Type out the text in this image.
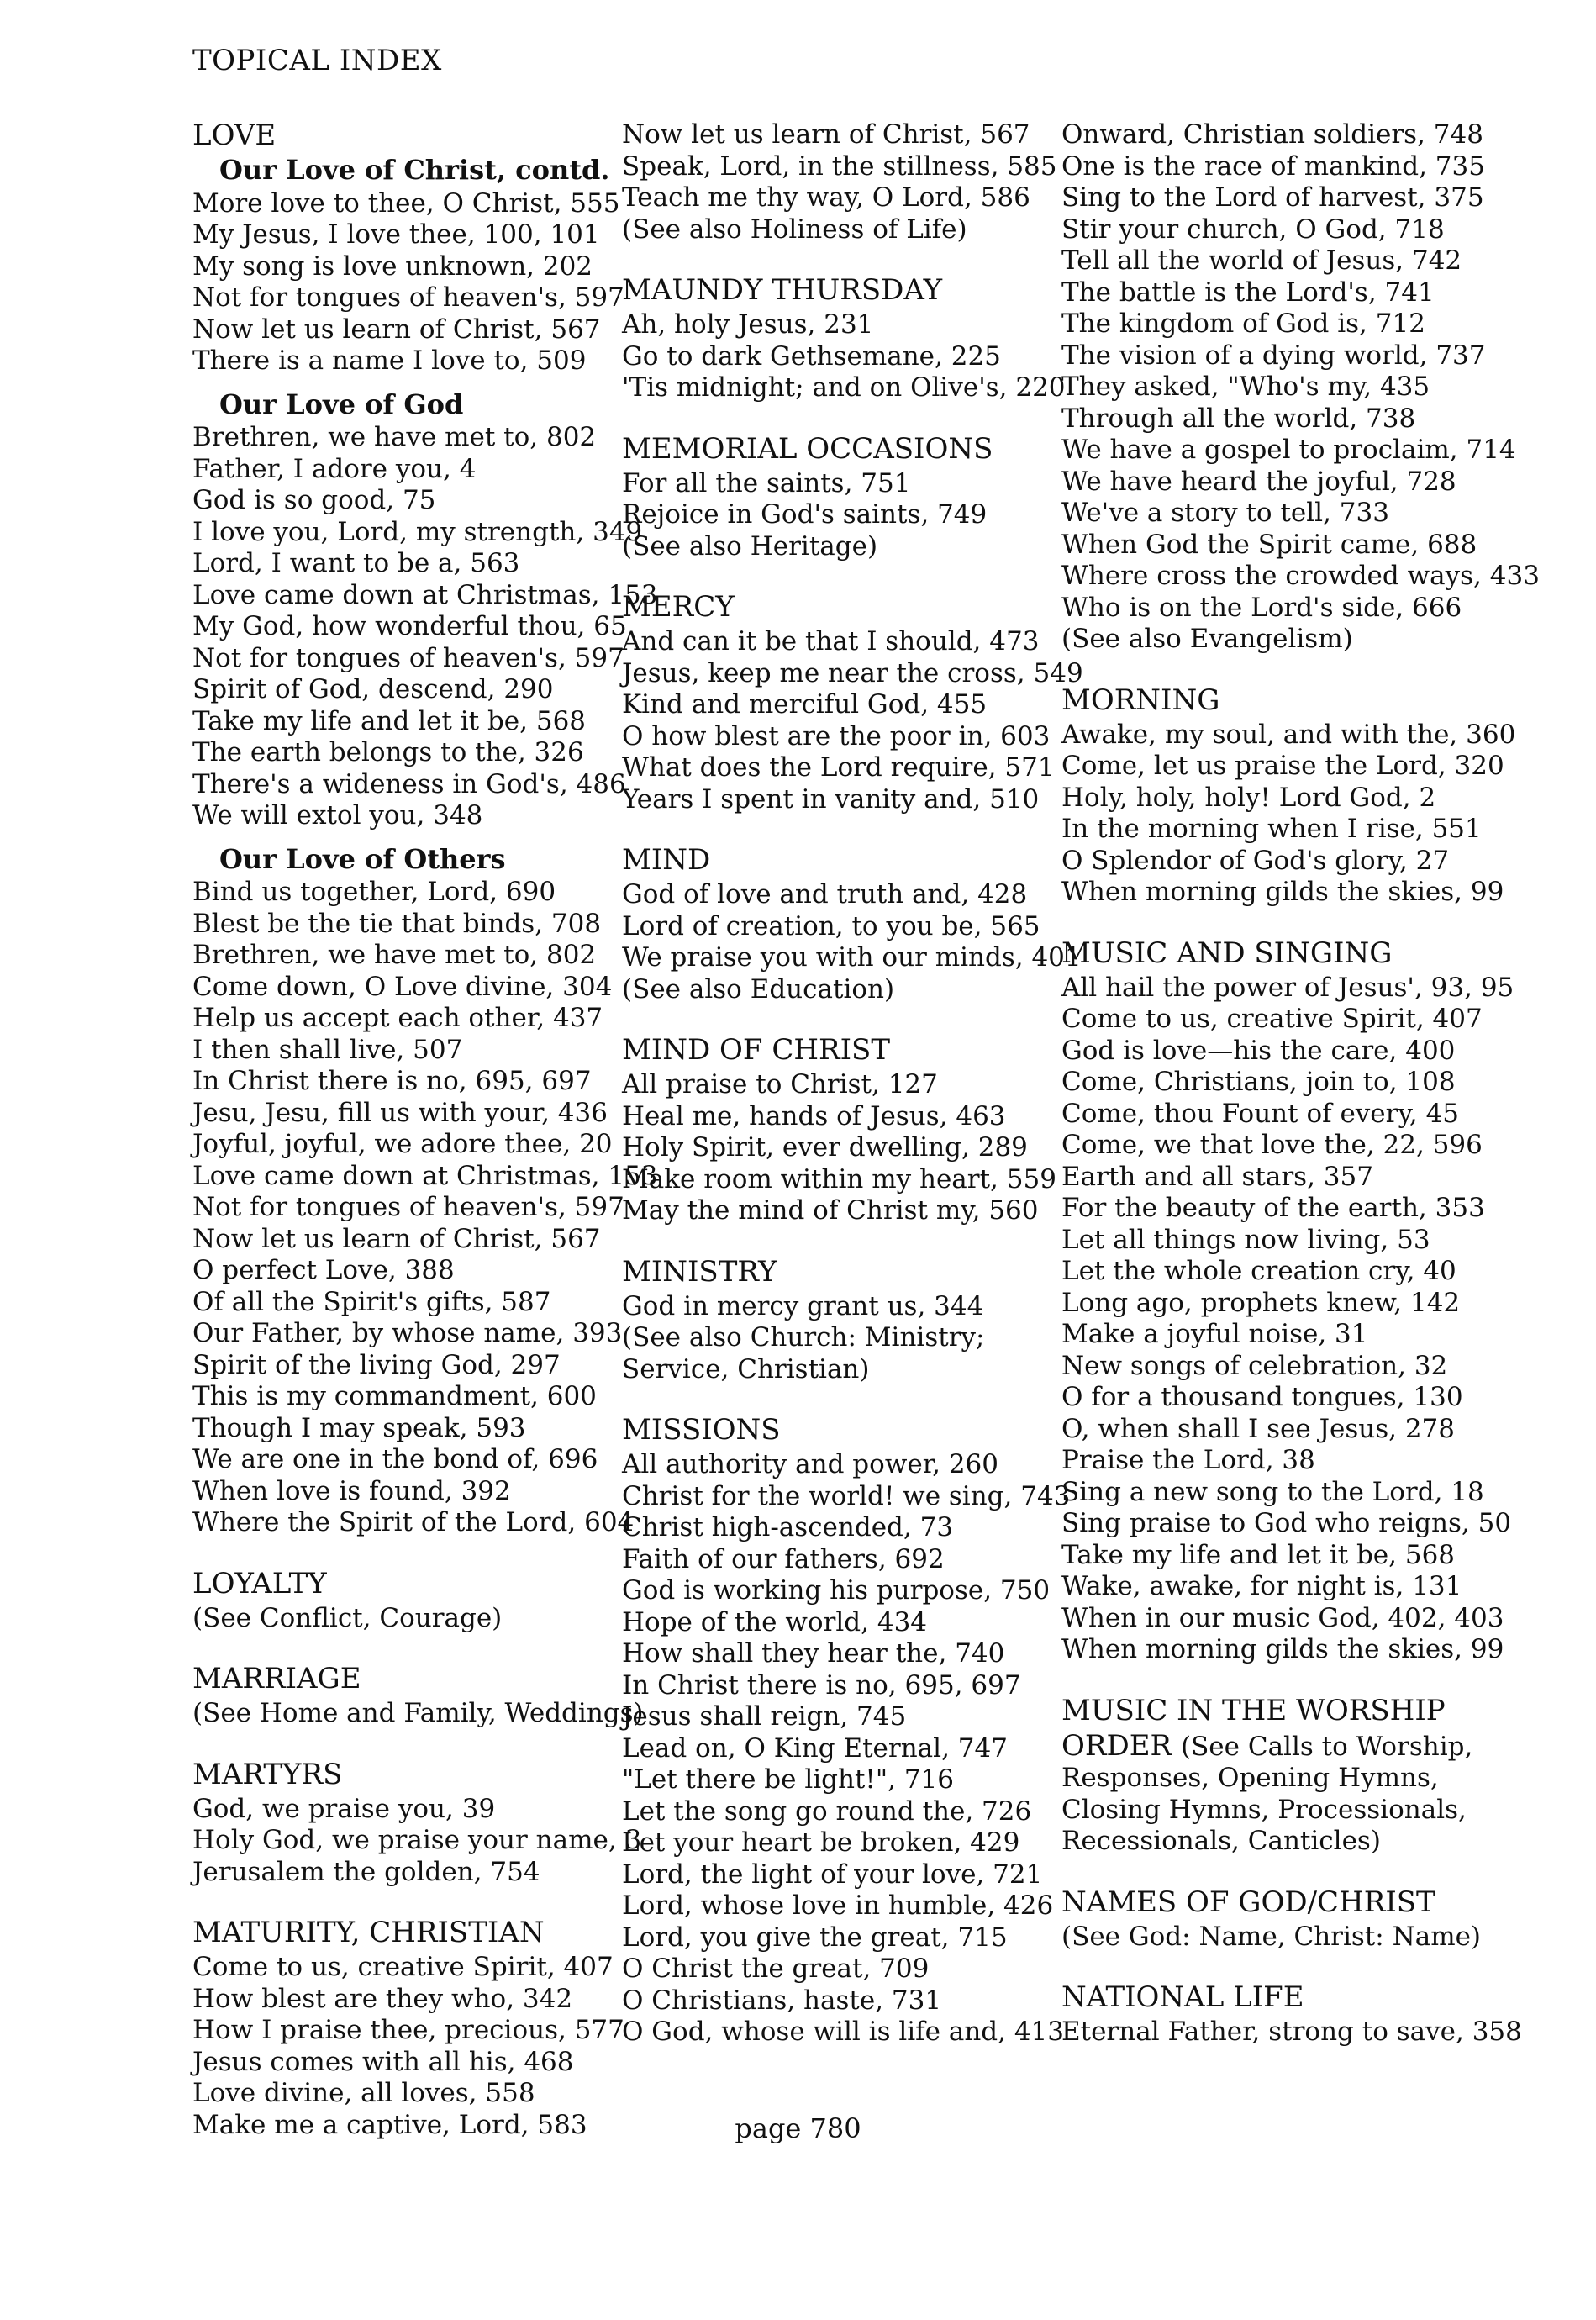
TOPICAL INDEX
LOVE
Our Love of Christ, contd.
More love to thee, O Christ, 555
My Jesus, I love thee, 100, 101
My song is love unknown, 202
Not for tongues of heaven's, 597
Now let us learn of Christ, 567
There is a name I love to, 509
Our Love of God
Brethren, we have met to, 802
Father, I adore you, 4
God is so good, 75
I love you, Lord, my strength, 349
Lord, I want to be a, 563
Love came down at Christmas, 153
My God, how wonderful thou, 65
Not for tongues of heaven's, 597
Spirit of God, descend, 290
Take my life and let it be, 568
The earth belongs to the, 326
There's a wideness in God's, 486
We will extol you, 348
Our Love of Others
Bind us together, Lord, 690
Blest be the tie that binds, 708
Brethren, we have met to, 802
Come down, O Love divine, 304
Help us accept each other, 437
I then shall live, 507
In Christ there is no, 695, 697
Jesu, Jesu, fill us with your, 436
Joyful, joyful, we adore thee, 20
Love came down at Christmas, 153
Not for tongues of heaven's, 597
Now let us learn of Christ, 567
O perfect Love, 388
Of all the Spirit's gifts, 587
Our Father, by whose name, 393
Spirit of the living God, 297
This is my commandment, 600
Though I may speak, 593
We are one in the bond of, 696
When love is found, 392
Where the Spirit of the Lord, 604
LOYALTY
(See Conflict, Courage)
MARRIAGE
(See Home and Family, Weddings)
MARTYRS
God, we praise you, 39
Holy God, we praise your name, 3
Jerusalem the golden, 754
MATURITY, CHRISTIAN
Come to us, creative Spirit, 407
How blest are they who, 342
How I praise thee, precious, 577
Jesus comes with all his, 468
Love divine, all loves, 558
Make me a captive, Lord, 583
Now let us learn of Christ, 567
Speak, Lord, in the stillness, 585
Teach me thy way, O Lord, 586
(See also Holiness of Life)
MAUNDY THURSDAY
Ah, holy Jesus, 231
Go to dark Gethsemane, 225
'Tis midnight; and on Olive's, 220
MEMORIAL OCCASIONS
For all the saints, 751
Rejoice in God's saints, 749
(See also Heritage)
MERCY
And can it be that I should, 473
Jesus, keep me near the cross, 549
Kind and merciful God, 455
O how blest are the poor in, 603
What does the Lord require, 571
Years I spent in vanity and, 510
MIND
God of love and truth and, 428
Lord of creation, to you be, 565
We praise you with our minds, 401
(See also Education)
MIND OF CHRIST
All praise to Christ, 127
Heal me, hands of Jesus, 463
Holy Spirit, ever dwelling, 289
Make room within my heart, 559
May the mind of Christ my, 560
MINISTRY
God in mercy grant us, 344
(See also Church: Ministry;
Service, Christian)
MISSIONS
All authority and power, 260
Christ for the world! we sing, 743
Christ high-ascended, 73
Faith of our fathers, 692
God is working his purpose, 750
Hope of the world, 434
How shall they hear the, 740
In Christ there is no, 695, 697
Jesus shall reign, 745
Lead on, O King Eternal, 747
"Let there be light!", 716
Let the song go round the, 726
Let your heart be broken, 429
Lord, the light of your love, 721
Lord, whose love in humble, 426
Lord, you give the great, 715
O Christ the great, 709
O Christians, haste, 731
O God, whose will is life and, 413
Onward, Christian soldiers, 748
One is the race of mankind, 735
Sing to the Lord of harvest, 375
Stir your church, O God, 718
Tell all the world of Jesus, 742
The battle is the Lord's, 741
The kingdom of God is, 712
The vision of a dying world, 737
They asked, "Who's my, 435
Through all the world, 738
We have a gospel to proclaim, 714
We have heard the joyful, 728
We've a story to tell, 733
When God the Spirit came, 688
Where cross the crowded ways, 433
Who is on the Lord's side, 666
(See also Evangelism)
MORNING
Awake, my soul, and with the, 360
Come, let us praise the Lord, 320
Holy, holy, holy! Lord God, 2
In the morning when I rise, 551
O Splendor of God's glory, 27
When morning gilds the skies, 99
MUSIC AND SINGING
All hail the power of Jesus', 93, 95
Come to us, creative Spirit, 407
God is love—his the care, 400
Come, Christians, join to, 108
Come, thou Fount of every, 45
Come, we that love the, 22, 596
Earth and all stars, 357
For the beauty of the earth, 353
Let all things now living, 53
Let the whole creation cry, 40
Long ago, prophets knew, 142
Make a joyful noise, 31
New songs of celebration, 32
O for a thousand tongues, 130
O, when shall I see Jesus, 278
Praise the Lord, 38
Sing a new song to the Lord, 18
Sing praise to God who reigns, 50
Take my life and let it be, 568
Wake, awake, for night is, 131
When in our music God, 402, 403
When morning gilds the skies, 99
MUSIC IN THE WORSHIP
ORDER (See Calls to Worship,
Responses, Opening Hymns,
Closing Hymns, Processionals,
Recessionals, Canticles)
NAMES OF GOD/CHRIST
(See God: Name, Christ: Name)
NATIONAL LIFE
Eternal Father, strong to save, 358
page 780
